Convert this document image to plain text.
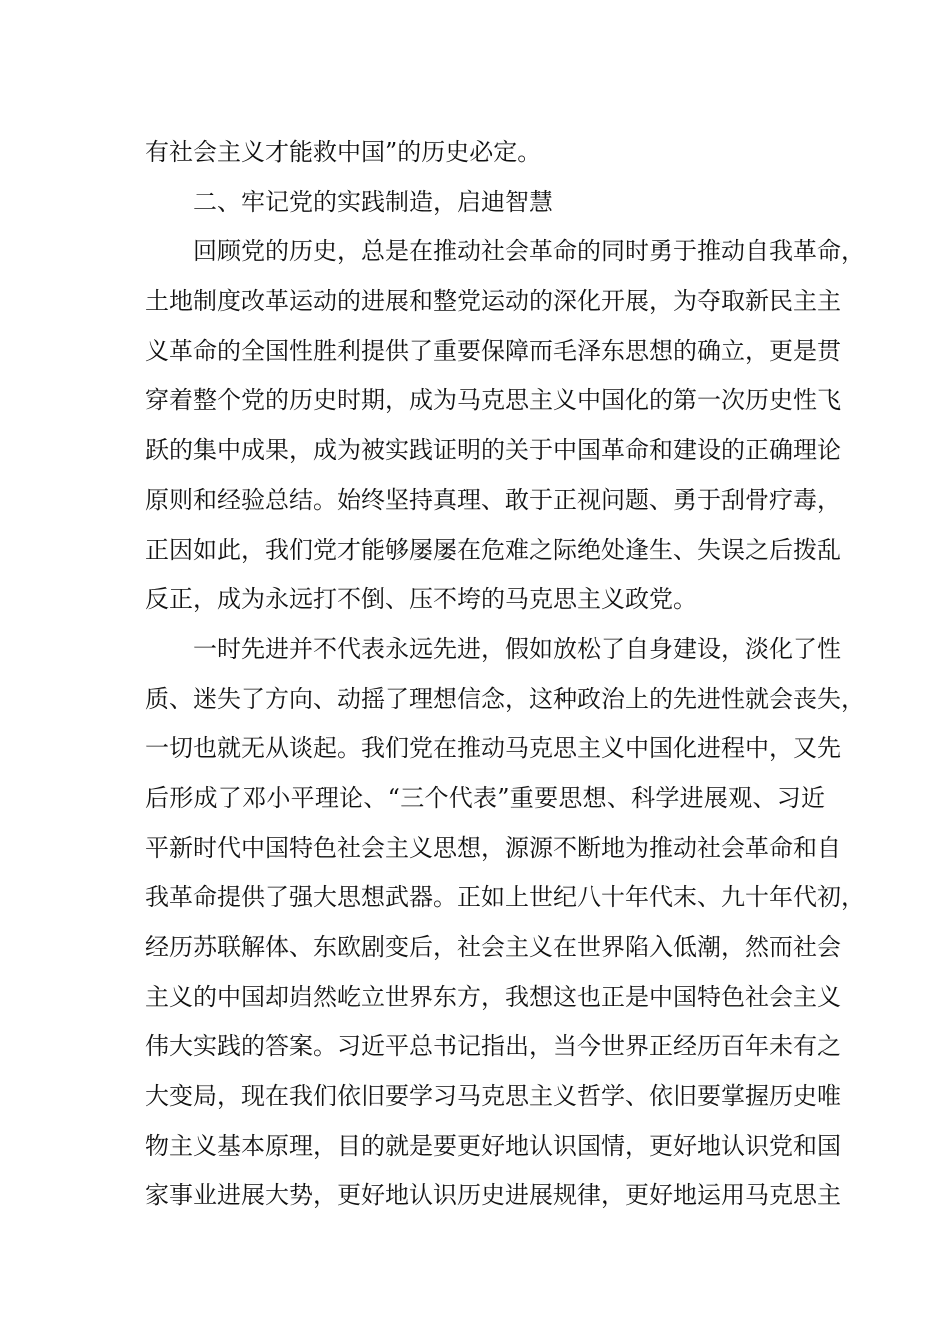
有社会主义才能救中国”的历史必定。
二、牢记党的实践制造，启迪智慧
回顾党的历史，总是在推动社会革命的同时勇于推动自我革命，
土地制度改革运动的进展和整党运动的深化开展，为夺取新民主主
义革命的全国性胜利提供了重要保障而毛泽东思想的确立，更是贯
穿着整个党的历史时期，成为马克思主义中国化的第一次历史性飞
跃的集中成果，成为被实践证明的关于中国革命和建设的正确理论
原则和经验总结。始终坚持真理、敢于正视问题、勇于刮骨疗毒，
正因如此，我们党才能够屡屡在危难之际绝处逢生、失误之后拨乱
反正，成为永远打不倒、压不垮的马克思主义政党。
一时先进并不代表永远先进，假如放松了自身建设，淡化了性
质、迷失了方向、动摇了理想信念，这种政治上的先进性就会丧失，
一切也就无从谈起。我们党在推动马克思主义中国化进程中，又先
后形成了邓小平理论、“三个代表”重要思想、科学进展观、习近
平新时代中国特色社会主义思想，源源不断地为推动社会革命和自
我革命提供了强大思想武器。正如上世纪八十年代末、九十年代初，
经历苏联解体、东欧剧变后，社会主义在世界陷入低潮，然而社会
主义的中国却岿然屹立世界东方，我想这也正是中国特色社会主义
伟大实践的答案。习近平总书记指出，当今世界正经历百年未有之
大变局，现在我们依旧要学习马克思主义哲学、依旧要掌握历史唯
物主义基本原理，目的就是要更好地认识国情，更好地认识党和国
家事业进展大势，更好地认识历史进展规律，更好地运用马克思主
